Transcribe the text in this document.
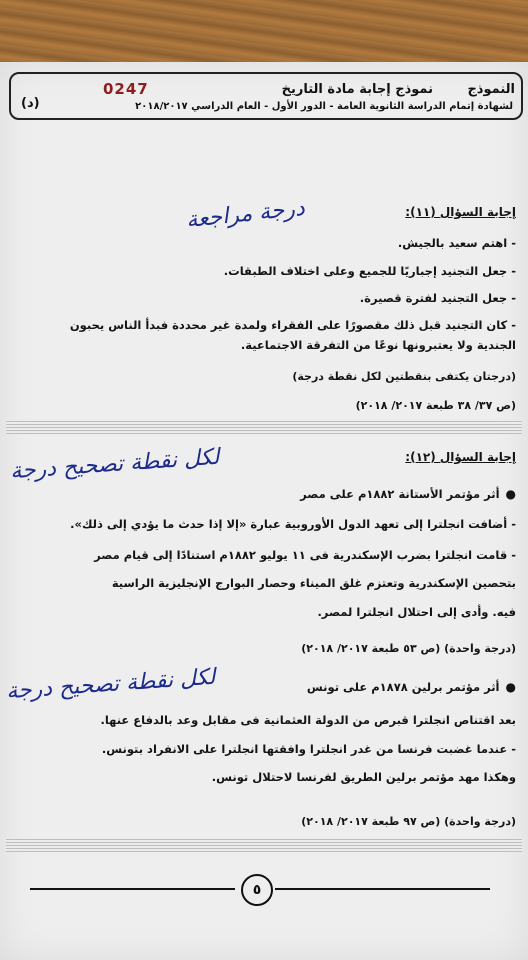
النموذج
نموذج إجابة مادة التاريخ
لشهادة إتمام الدراسة الثانوية العامة - الدور الأول - العام الدراسي ٢٠١٨/٢٠١٧
0247
(د)
إجابة السؤال (١١):
درجة مراجعة
- اهتم سعيد بالجيش.
- جعل التجنيد إجباريًا للجميع وعلى اختلاف الطبقات.
- جعل التجنيد لفترة قصيرة.
- كان التجنيد قبل ذلك مقصورًا على الفقراء ولمدة غير محددة فبدأ الناس يحبون
الجندية ولا يعتبرونها نوعًا من التفرقة الاجتماعية.
(درجتان يكتفى بنقطتين لكل نقطة درجة)
(ص ٣٧/ ٣٨ طبعة ٢٠١٧/ ٢٠١٨)
إجابة السؤال (١٢):
لكل نقطة تصحيح درجة
●أثر مؤتمر الأستانة ١٨٨٢م على مصر
- أضافت انجلترا إلى تعهد الدول الأوروبية عبارة «إلا إذا حدث ما يؤدي إلى ذلك».
- قامت انجلترا بضرب الإسكندرية فى ١١ يوليو ١٨٨٢م استنادًا إلى قيام مصر
بتحصين الإسكندرية وتعتزم غلق الميناء وحصار البوارج الإنجليزية الراسية
فيه. وأدى إلى احتلال انجلترا لمصر.
(درجة واحدة) (ص ٥٣ طبعة ٢٠١٧/ ٢٠١٨)
لكل نقطة تصحيح درجة	●أثر مؤتمر برلين ١٨٧٨م على تونس
بعد اقتناص انجلترا قبرص من الدولة العثمانية فى مقابل وعد بالدفاع عنها.
- عندما غضبت فرنسا من غدر انجلترا وافقتها انجلترا على الانفراد بتونس.
وهكذا مهد مؤتمر برلين الطريق لفرنسا لاحتلال تونس.
(درجة واحدة) (ص ٩٧ طبعة ٢٠١٧/ ٢٠١٨)
٥
